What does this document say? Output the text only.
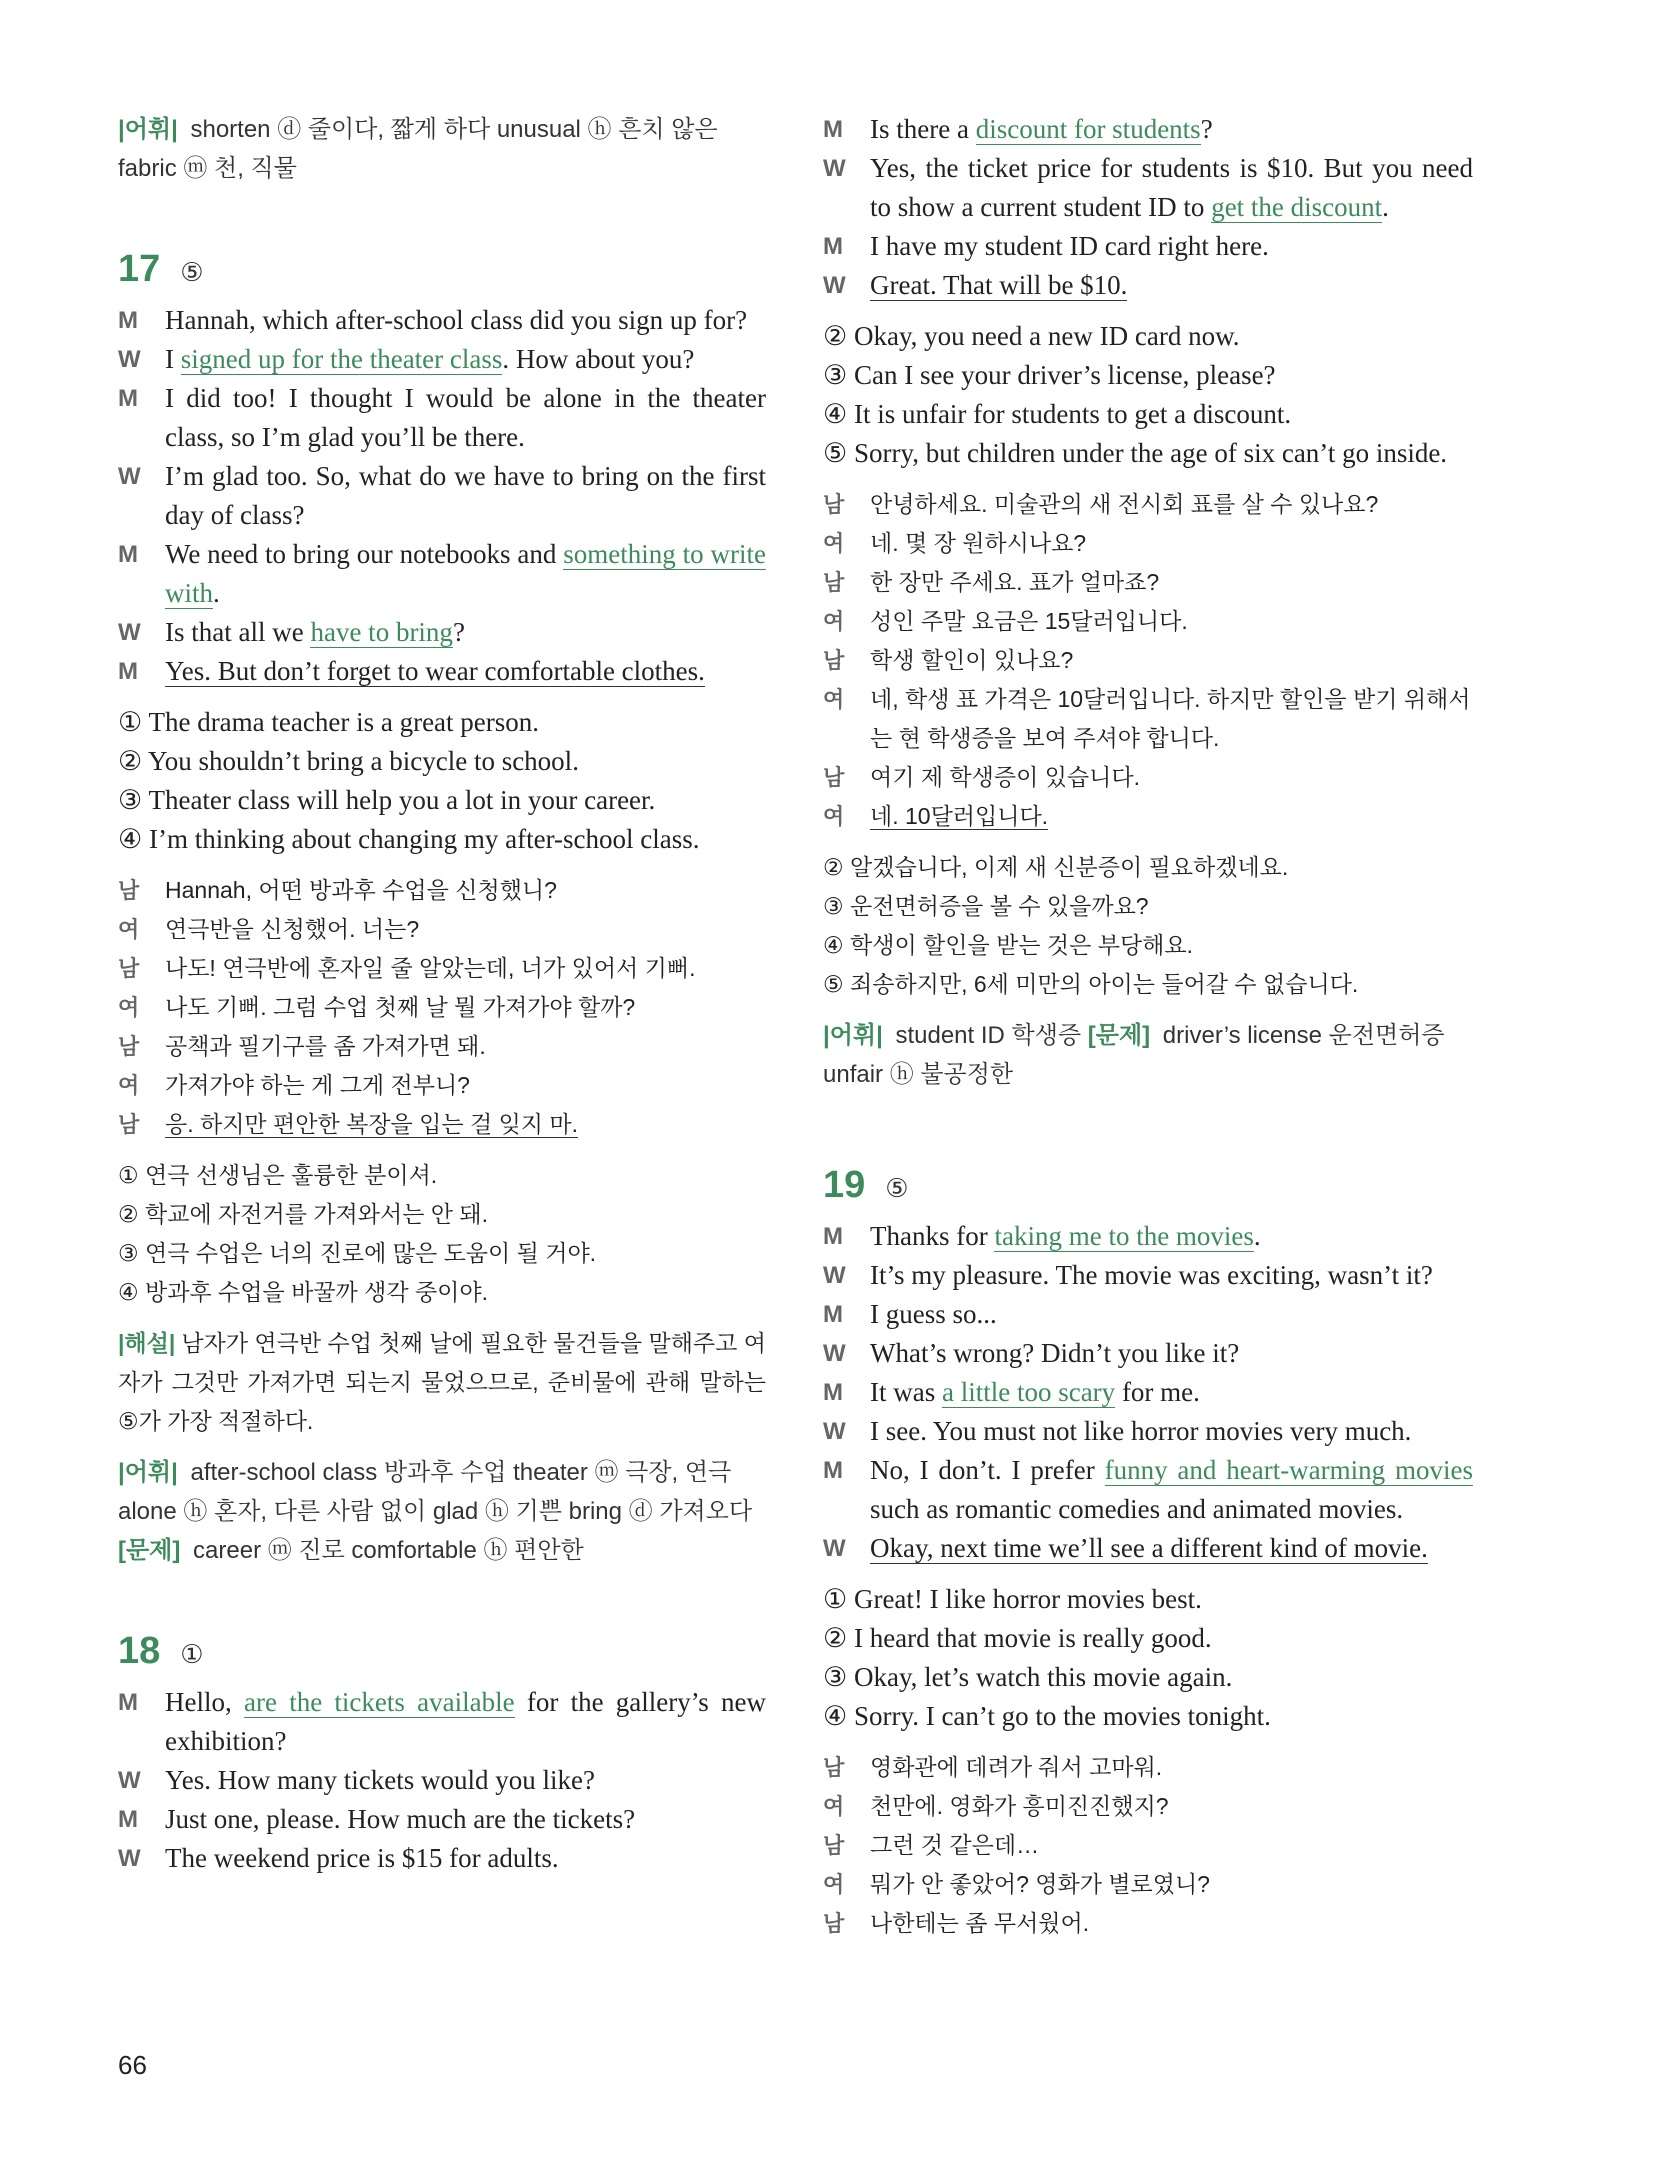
|어휘| shorten ⓓ 줄이다, 짧게 하다 unusual ⓗ 흔치 않은
fabric ⓜ 천, 직물
17 ⑤
M	Hannah, which after-school class did you sign up for?
W I signed up for the theater class. How about you?
M	I did too! I thought I would be alone in the theater class, so I’m glad you’ll be there.
W I’m glad too. So, what do we have to bring on the first day of class?
M	We need to bring our notebooks and something to write with.
W Is that all we have to bring?
M	Yes. But don’t forget to wear comfortable clothes.
① The drama teacher is a great person.
② You shouldn’t bring a bicycle to school.
③ Theater class will help you a lot in your career.
④ I’m thinking about changing my after-school class.
남	Hannah, 어떤 방과후 수업을 신청했니?
여	연극반을 신청했어. 너는?
남	나도! 연극반에 혼자일 줄 알았는데, 너가 있어서 기뻐.
여	나도 기뻐. 그럼 수업 첫째 날 뭘 가져가야 할까?
남	공책과 필기구를 좀 가져가면 돼.
여	가져가야 하는 게 그게 전부니?
남	응. 하지만 편안한 복장을 입는 걸 잊지 마.
① 연극 선생님은 훌륭한 분이셔.
② 학교에 자전거를 가져와서는 안 돼.
③ 연극 수업은 너의 진로에 많은 도움이 될 거야.
④ 방과후 수업을 바꿀까 생각 중이야.
|해설| 남자가 연극반 수업 첫째 날에 필요한 물건들을 말해주고 여자가 그것만 가져가면 되는지 물었으므로, 준비물에 관해 말하는 ⑤가 가장 적절하다.
|어휘| after-school class 방과후 수업 theater ⓜ 극장, 연극
alone ⓗ 혼자, 다른 사람 없이 glad ⓗ 기쁜 bring ⓓ 가져오다
[문제] career ⓜ 진로 comfortable ⓗ 편안한
18 ①
M	Hello, are the tickets available for the gallery’s new exhibition?
W Yes. How many tickets would you like?
M	Just one, please. How much are the tickets?
W The weekend price is $15 for adults.
M	Is there a discount for students?
W Yes, the ticket price for students is $10. But you need to show a current student ID to get the discount.
M	I have my student ID card right here.
W Great. That will be $10.
② Okay, you need a new ID card now.
③ Can I see your driver’s license, please?
④ It is unfair for students to get a discount.
⑤ Sorry, but children under the age of six can’t go inside.
남	안녕하세요. 미술관의 새 전시회 표를 살 수 있나요?
여	네. 몇 장 원하시나요?
남	한 장만 주세요. 표가 얼마죠?
여	성인 주말 요금은 15달러입니다.
남	학생 할인이 있나요?
여	네, 학생 표 가격은 10달러입니다. 하지만 할인을 받기 위해서는 현 학생증을 보여 주셔야 합니다.
남	여기 제 학생증이 있습니다.
여	네. 10달러입니다.
② 알겠습니다, 이제 새 신분증이 필요하겠네요.
③ 운전면허증을 볼 수 있을까요?
④ 학생이 할인을 받는 것은 부당해요.
⑤ 죄송하지만, 6세 미만의 아이는 들어갈 수 없습니다.
|어휘| student ID 학생증 [문제] driver’s license 운전면허증
unfair ⓗ 불공정한
19 ⑤
M	Thanks for taking me to the movies.
W It’s my pleasure. The movie was exciting, wasn’t it?
M	I guess so...
W What’s wrong? Didn’t you like it?
M	It was a little too scary for me.
W I see. You must not like horror movies very much.
M	No, I don’t. I prefer funny and heart-warming movies such as romantic comedies and animated movies.
W Okay, next time we’ll see a different kind of movie.
① Great! I like horror movies best.
② I heard that movie is really good.
③ Okay, let’s watch this movie again.
④ Sorry. I can’t go to the movies tonight.
남	영화관에 데려가 줘서 고마워.
여	천만에. 영화가 흥미진진했지?
남	그런 것 같은데…
여	뭐가 안 좋았어? 영화가 별로였니?
남	나한테는 좀 무서웠어.
66
